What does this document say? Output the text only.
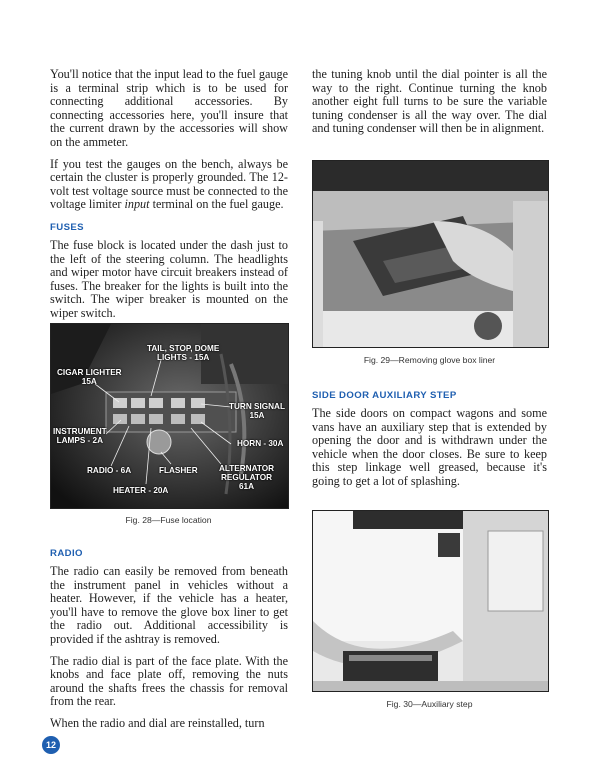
You'll notice that the input lead to the fuel gauge is a terminal strip which is to be used for connecting additional accessories. By connecting accessories here, you'll insure that the current drawn by the accessories will show on the ammeter.

If you test the gauges on the bench, always be certain the cluster is properly grounded. The 12-volt test voltage source must be connected to the voltage limiter input terminal on the fuel gauge.

FUSES

The fuse block is located under the dash just to the left of the steering column. The headlights and wiper motor have circuit breakers instead of fuses. The breaker for the lights is built into the switch. The wiper breaker is mounted on the wiper switch.

TAIL, STOP, DOME
LIGHTS - 15A
CIGAR LIGHTER
15A
TURN SIGNAL
15A
INSTRUMENT
LAMPS - 2A	HORN - 30A
RADIO - 6A	FLASHER	ALTERNATOR
REGULATOR
61A
HEATER - 20A
Fig. 28—Fuse location
RADIO

The radio can easily be removed from beneath the instrument panel in vehicles without a heater. However, if the vehicle has a heater, you'll have to remove the glove box liner to get the radio out. Additional accessibility is provided if the ashtray is removed.

The radio dial is part of the face plate. With the knobs and face plate off, removing the nuts around the shafts frees the chassis for removal from the rear.

When the radio and dial are reinstalled, turn

the tuning knob until the dial pointer is all the way to the right. Continue turning the knob another eight full turns to be sure the variable tuning condenser is all the way over. The dial and tuning condenser will then be in alignment.

Fig. 29—Removing glove box liner
SIDE DOOR AUXILIARY STEP

The side doors on compact wagons and some vans have an auxiliary step that is extended by opening the door and is withdrawn under the vehicle when the door closes. Be sure to keep this step linkage well greased, because it's going to get a lot of splashing.

Fig. 30—Auxiliary step
12
